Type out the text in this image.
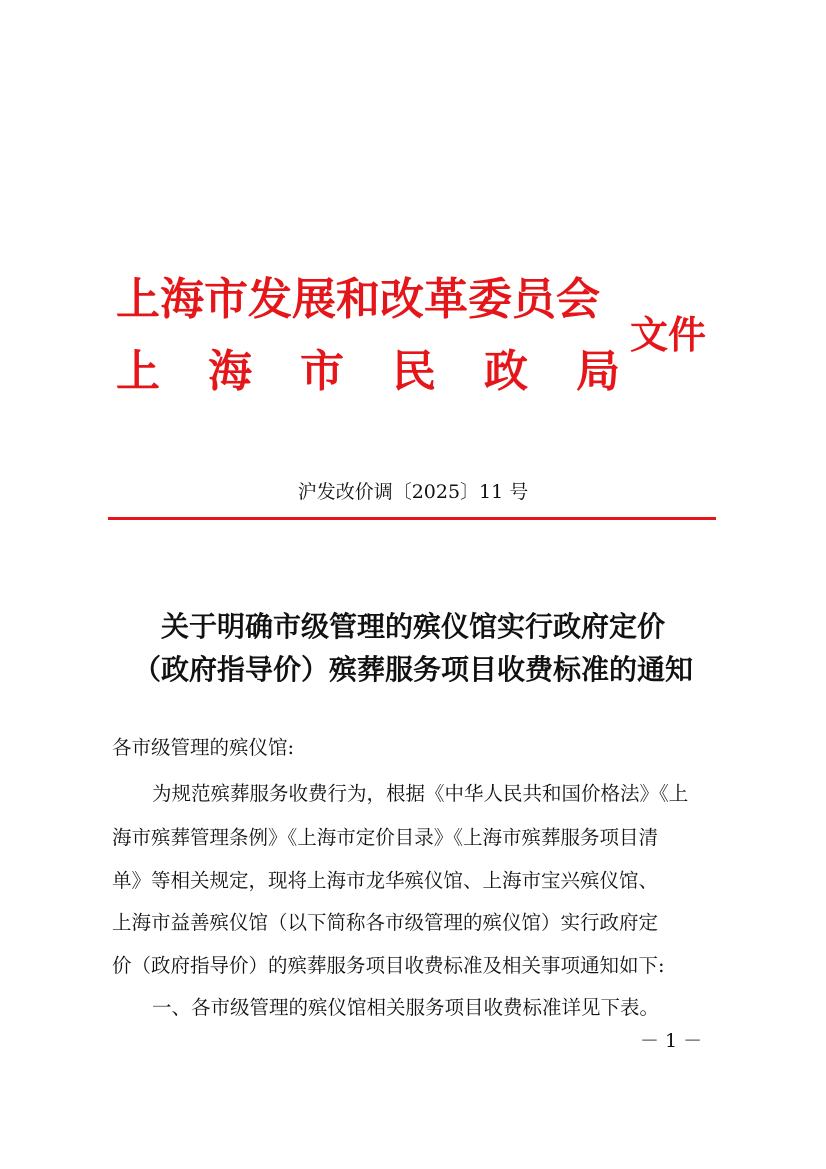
上海市发展和改革委员会
上 海 市 民 政 局
文件
沪发改价调〔2025〕11 号
关于明确市级管理的殡仪馆实行政府定价
（政府指导价）殡葬服务项目收费标准的通知
各市级管理的殡仪馆:
为规范殡葬服务收费行为，根据《中华人民共和国价格法》《上
海市殡葬管理条例》《上海市定价目录》《上海市殡葬服务项目清
单》等相关规定，现将上海市龙华殡仪馆、上海市宝兴殡仪馆、
上海市益善殡仪馆（以下简称各市级管理的殡仪馆）实行政府定
价（政府指导价）的殡葬服务项目收费标准及相关事项通知如下:
一、各市级管理的殡仪馆相关服务项目收费标准详见下表。
－ 1 －
